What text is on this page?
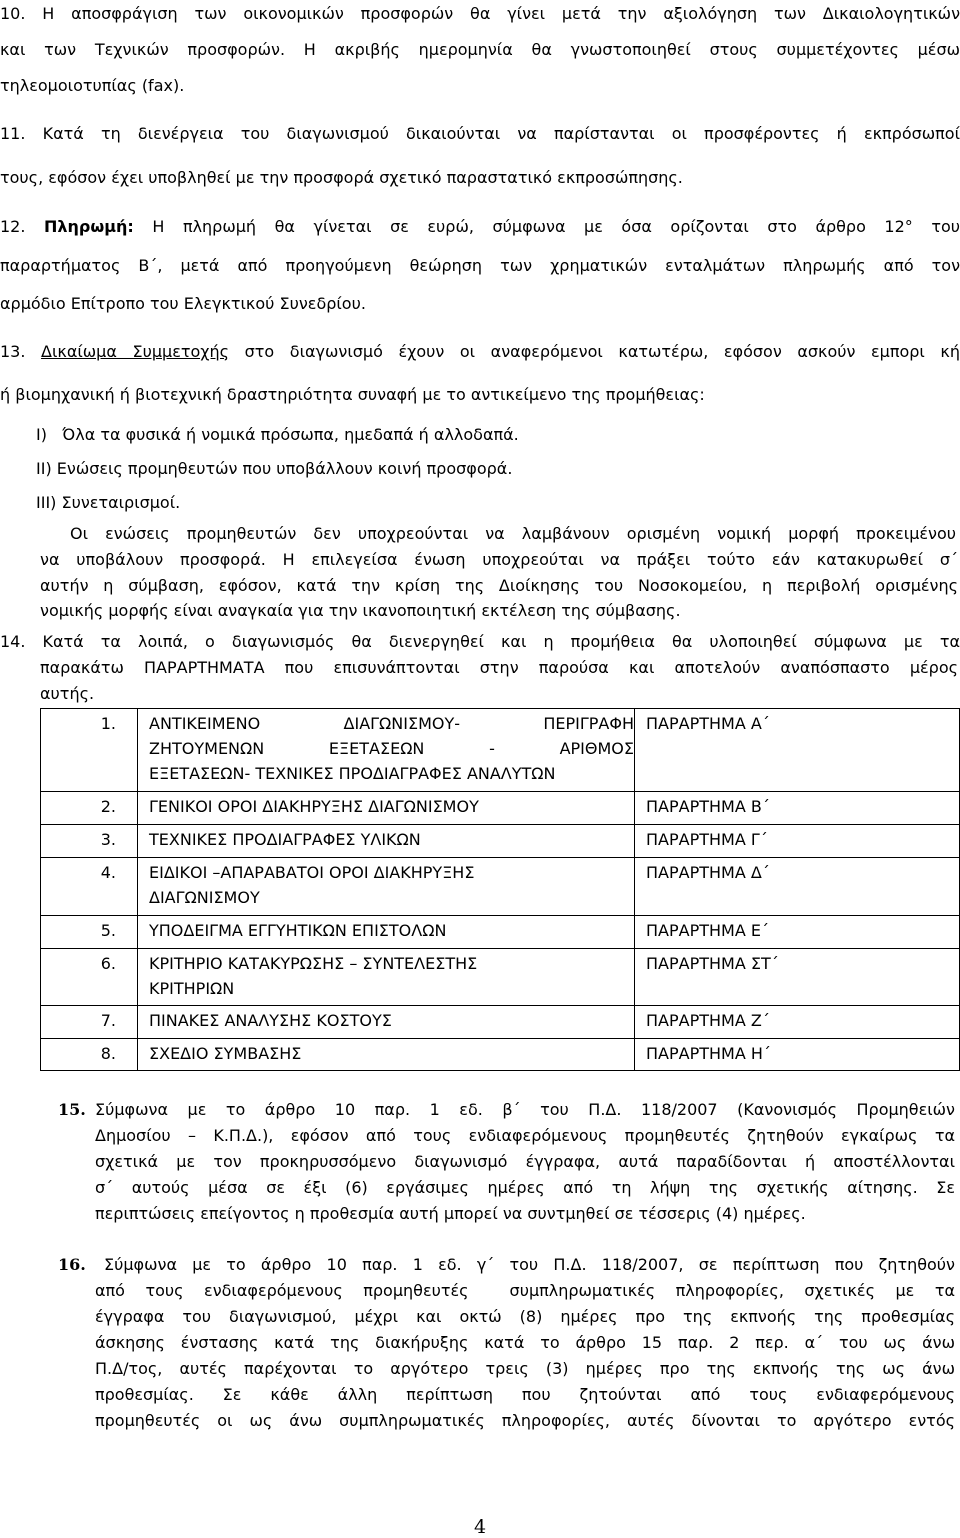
10. Η αποσφράγιση των οικονομικών προσφορών θα γίνει μετά την αξιολόγηση των Δικαιολογητικών
και των Τεχνικών προσφορών. Η ακριβής ημερομηνία θα γνωστοποιηθεί στους συμμετέχοντες μέσω
τηλεομοιοτυπίας (fax).
11. Κατά τη διενέργεια του διαγωνισμού δικαιούνται να παρίστανται οι προσφέροντες ή εκπρόσωποί
τους, εφόσον έχει υποβληθεί με την προσφορά σχετικό παραστατικό εκπροσώπησης.
12. Πληρωμή: Η πληρωμή θα γίνεται σε ευρώ, σύμφωνα με όσα ορίζονται στο άρθρο 12° του
παραρτήματος Β΄, μετά από προηγούμενη θεώρηση των χρηματικών ενταλμάτων πληρωμής από τον
αρμόδιο Επίτροπο του Ελεγκτικού Συνεδρίου.
13. Δικαίωμα Συμμετοχής στο διαγωνισμό έχουν οι αναφερόμενοι κατωτέρω, εφόσον ασκούν εμπορι κή
ή βιομηχανική ή βιοτεχνική δραστηριότητα συναφή με το αντικείμενο της προμήθειας:
I)   Όλα τα φυσικά ή νομικά πρόσωπα, ημεδαπά ή αλλοδαπά.
II) Ενώσεις προμηθευτών που υποβάλλουν κοινή προσφορά.
III) Συνεταιρισμοί.
Οι ενώσεις προμηθευτών δεν υποχρεούνται να λαμβάνουν ορισμένη νομική μορφή προκειμένου
να υποβάλουν προσφορά. Η επιλεγείσα ένωση υποχρεούται να πράξει τούτο εάν κατακυρωθεί σ΄
αυτήν η σύμβαση, εφόσον, κατά την κρίση της Διοίκησης του Νοσοκομείου, η περιβολή ορισμένης
νομικής μορφής είναι αναγκαία για την ικανοποιητική εκτέλεση της σύμβασης.
14. Κατά τα λοιπά, ο διαγωνισμός θα διενεργηθεί και η προμήθεια θα υλοποιηθεί σύμφωνα με τα
παρακάτω ΠΑΡΑΡΤΗΜΑΤΑ που επισυνάπτονται στην παρούσα και αποτελούν αναπόσπαστο μέρος
αυτής.
1.	ΑΝΤΙΚΕΙΜΕΝΟ ΔΙΑΓΩΝΙΣΜΟΥ- ΠΕΡΙΓΡΑΦΗ
ΖΗΤΟΥΜΕΝΩΝ ΕΞΕΤΑΣΕΩΝ - ΑΡΙΘΜΟΣ
ΕΞΕΤΑΣΕΩΝ- ΤΕΧΝΙΚΕΣ ΠΡΟΔΙΑΓΡΑΦΕΣ ΑΝΑΛΥΤΩΝ	ΠΑΡΑΡΤΗΜΑ Α΄

2.	ΓΕΝΙΚΟΙ ΟΡΟΙ ΔΙΑΚΗΡΥΞΗΣ ΔΙΑΓΩΝΙΣΜΟΥ	ΠΑΡΑΡΤΗΜΑ Β΄

3.	ΤΕΧΝΙΚΕΣ ΠΡΟΔΙΑΓΡΑΦΕΣ ΥΛΙΚΩΝ	ΠΑΡΑΡΤΗΜΑ Γ΄

4.	ΕΙΔΙΚΟΙ –ΑΠΑΡΑΒΑΤΟΙ ΟΡΟΙ ΔΙΑΚΗΡΥΞΗΣ
ΔΙΑΓΩΝΙΣΜΟΥ	ΠΑΡΑΡΤΗΜΑ Δ΄

5.	ΥΠΟΔΕΙΓΜΑ ΕΓΓΥΗΤΙΚΩΝ ΕΠΙΣΤΟΛΩΝ	ΠΑΡΑΡΤΗΜΑ Ε΄

6.	ΚΡΙΤΗΡΙΟ ΚΑΤΑΚΥΡΩΣΗΣ – ΣΥΝΤΕΛΕΣΤΗΣ
ΚΡΙΤΗΡΙΩΝ	ΠΑΡΑΡΤΗΜΑ ΣΤ΄

7.	ΠΙΝΑΚΕΣ ΑΝΑΛΥΣΗΣ ΚΟΣΤΟΥΣ	ΠΑΡΑΡΤΗΜΑ Ζ΄

8.	ΣΧΕΔΙΟ ΣΥΜΒΑΣΗΣ	ΠΑΡΑΡΤΗΜΑ Η΄
15. Σύμφωνα με το άρθρο 10 παρ. 1 εδ. β΄ του Π.Δ. 118/2007 (Κανονισμός Προμηθειών
Δημοσίου – Κ.Π.Δ.), εφόσον από τους ενδιαφερόμενους προμηθευτές ζητηθούν εγκαίρως τα
σχετικά με τον προκηρυσσόμενο διαγωνισμό έγγραφα, αυτά παραδίδονται ή αποστέλλονται
σ΄ αυτούς μέσα σε έξι (6) εργάσιμες ημέρες από τη λήψη της σχετικής αίτησης. Σε
περιπτώσεις επείγοντος η προθεσμία αυτή μπορεί να συντμηθεί σε τέσσερις (4) ημέρες.
16.	Σύμφωνα με το άρθρο 10 παρ. 1 εδ. γ΄ του Π.Δ. 118/2007, σε περίπτωση που ζητηθούν
από τους ενδιαφερόμενους προμηθευτές  συμπληρωματικές πληροφορίες, σχετικές με τα
έγγραφα του διαγωνισμού, μέχρι και οκτώ (8) ημέρες προ της εκπνοής της προθεσμίας
άσκησης ένστασης κατά της διακήρυξης κατά το άρθρο 15 παρ. 2 περ. α΄ του ως άνω
Π.Δ/τος, αυτές παρέχονται το αργότερο τρεις (3) ημέρες προ της εκπνοής της ως άνω
προθεσμίας. Σε κάθε άλλη περίπτωση που ζητούνται από τους ενδιαφερόμενους
προμηθευτές οι ως άνω συμπληρωματικές πληροφορίες, αυτές δίνονται το αργότερο εντός
4
